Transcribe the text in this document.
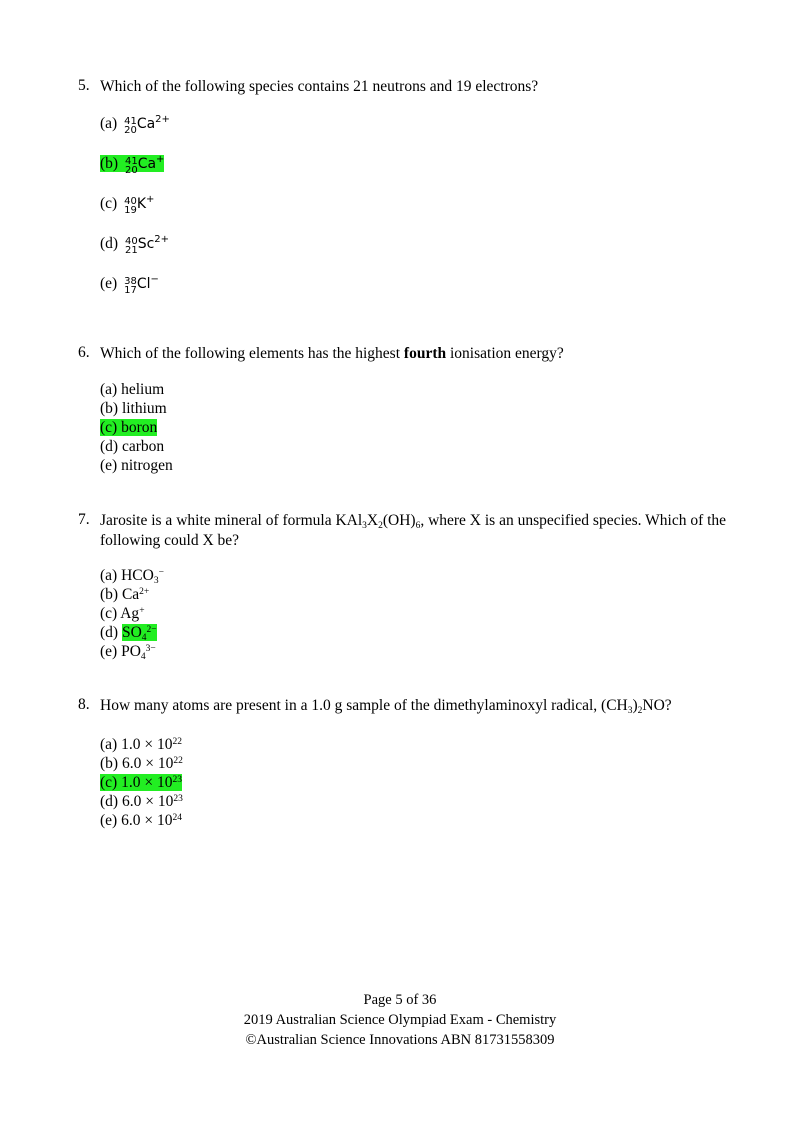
5. Which of the following species contains 21 neutrons and 19 electrons?
(a) 41
20 $Ca^{2+}$
(b) 41
20 Ca+
(c) 40
19 K+
(d) 40
21 $Sc^{2+}$
(e) 38
17 Cl−
6. Which of the following elements has the highest fourth ionisation energy?
(a) helium
(b) lithium
(c) boron
(d) carbon
(e) nitrogen
7. Jarosite is a white mineral of formula $KAl_3X_2(OH)_6$, where X is an unspecified species. Which of the following could X be?
(a) $HCO_3^-$
(b) $Ca^{2+}$
(c) Ag+
(d) $SO_4^{2-}$
(e) $PO_4^{3-}$
8. How many atoms are present in a 1.0 g sample of the dimethylaminoxyl radical, $(CH_3)_2NO$?
(a) $1.0 \times 10^{22}$
(b) $6.0 \times 10^{22}$
(c) $1.0 \times 10^{23}$
(d) $6.0 \times 10^{23}$
(e) $6.0 \times 10^{24}$
Page 5 of 36
2019 Australian Science Olympiad Exam - Chemistry
©Australian Science Innovations ABN 81731558309
